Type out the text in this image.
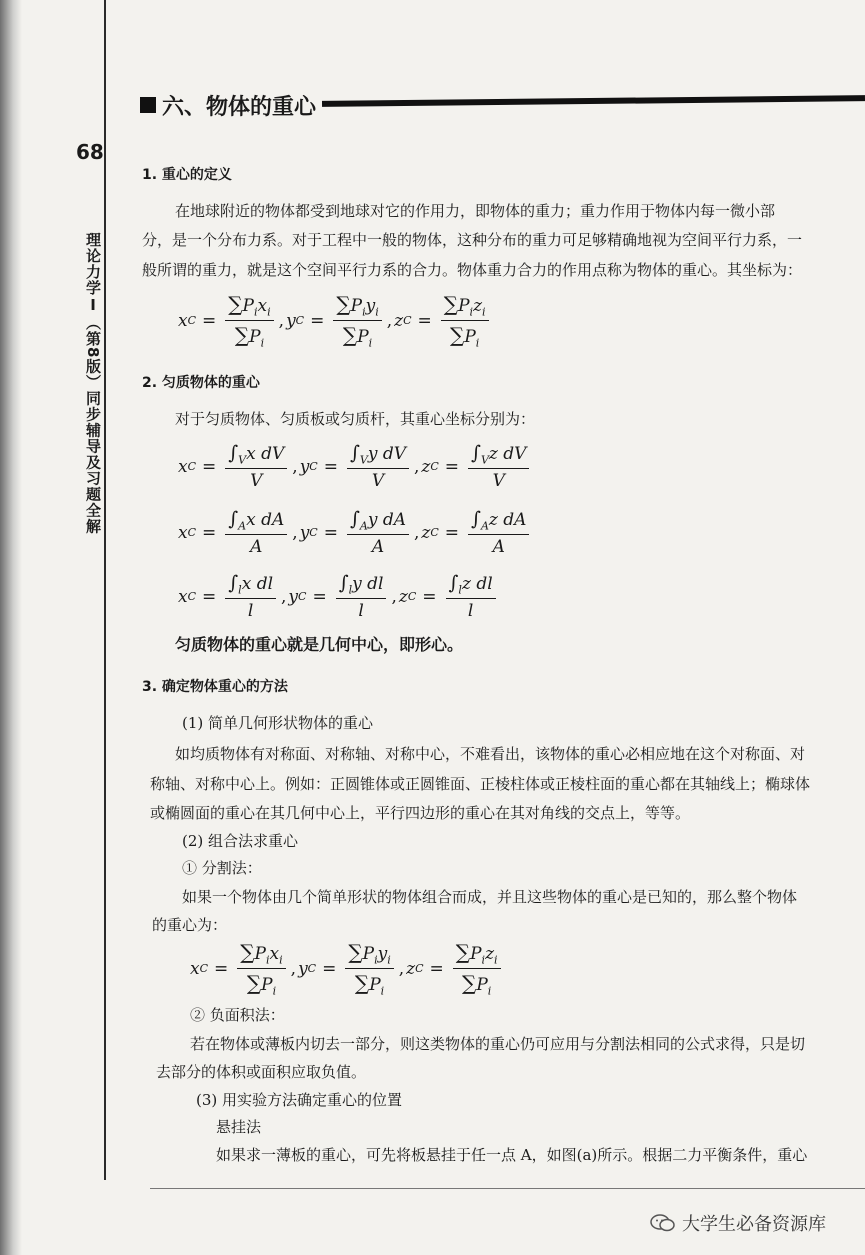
68
理论力学Ⅰ（第8版）同步辅导及习题全解
六、物体的重心
1. 重心的定义
在地球附近的物体都受到地球对它的作用力，即物体的重力；重力作用于物体内每一微小部
分，是一个分布力系。对于工程中一般的物体，这种分布的重力可足够精确地视为空间平行力系，一
般所谓的重力，就是这个空间平行力系的合力。物体重力合力的作用点称为物体的重心。其坐标为：
x $C = \frac{\sum P_ix_i}{\sum P_i}$ , y $C = \frac{\sum P_iy_i}{\sum P_i}$ , z $C = \frac{\sum P_iz_i}{\sum P_i}$
2. 匀质物体的重心
对于匀质物体、匀质板或匀质杆，其重心坐标分别为：
x $C = \frac{\int_Vx dV}{V}$ , y $C = \frac{\int_Vy dV}{V}$ , z $C = \frac{\int_Vz dV}{V}$
x $C = \frac{\int_Ax dA}{A}$ , y $C = \frac{\int_Ay dA}{A}$ , z $C = \frac{\int_Az dA}{A}$
x $C = \frac{\int_lx dl}{l}$ , y $C = \frac{\int_ly dl}{l}$ , z $C = \frac{\int_lz dl}{l}$
匀质物体的重心就是几何中心，即形心。
3. 确定物体重心的方法
(1) 简单几何形状物体的重心
如均质物体有对称面、对称轴、对称中心，不难看出，该物体的重心必相应地在这个对称面、对
称轴、对称中心上。例如：正圆锥体或正圆锥面、正棱柱体或正棱柱面的重心都在其轴线上；椭球体
或椭圆面的重心在其几何中心上，平行四边形的重心在其对角线的交点上，等等。
(2) 组合法求重心
① 分割法：
如果一个物体由几个简单形状的物体组合而成，并且这些物体的重心是已知的，那么整个物体
的重心为：
x $C = \frac{\sum P_ix_i}{\sum P_i}$ , y $C = \frac{\sum P_iy_i}{\sum P_i}$ , z $C = \frac{\sum P_iz_i}{\sum P_i}$
② 负面积法：
若在物体或薄板内切去一部分，则这类物体的重心仍可应用与分割法相同的公式求得，只是切
去部分的体积或面积应取负值。
(3) 用实验方法确定重心的位置
悬挂法
如果求一薄板的重心，可先将板悬挂于任一点 A，如图(a)所示。根据二力平衡条件，重心
大学生必备资源库
